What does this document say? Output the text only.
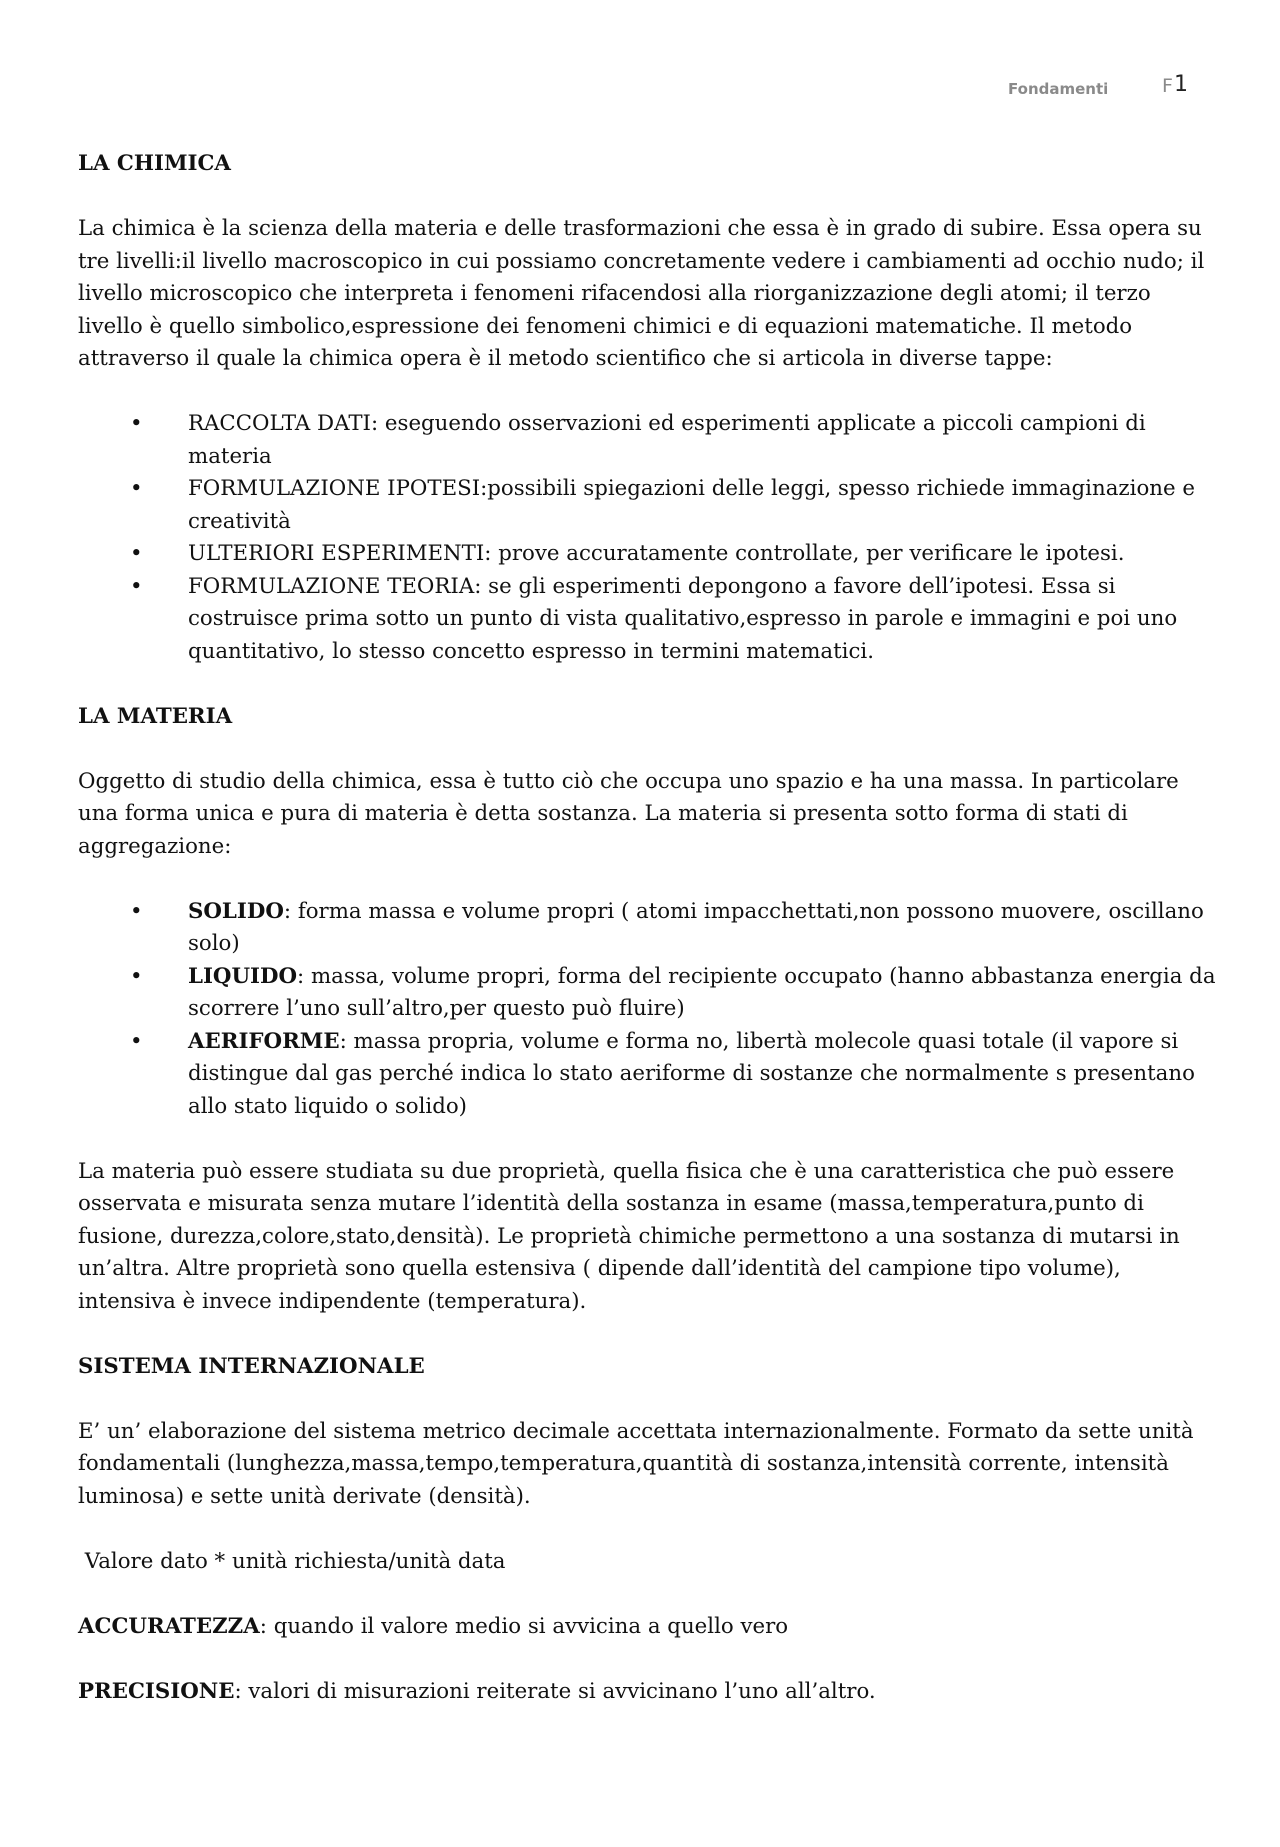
Fondamenti	F 1

LA CHIMICA

La chimica è la scienza della materia e delle trasformazioni che essa è in grado di subire. Essa opera su tre livelli:il livello macroscopico in cui possiamo concretamente vedere i cambiamenti ad occhio nudo; il livello microscopico che interpreta i fenomeni rifacendosi alla riorganizzazione degli atomi; il terzo livello è quello simbolico,espressione dei fenomeni chimici e di equazioni matematiche. Il metodo attraverso il quale la chimica opera è il metodo scientifico che si articola in diverse tappe:

• RACCOLTA DATI: eseguendo osservazioni ed esperimenti applicate a piccoli campioni di materia
• FORMULAZIONE IPOTESI:possibili spiegazioni delle leggi, spesso richiede immaginazione e creatività
• ULTERIORI ESPERIMENTI: prove accuratamente controllate, per verificare le ipotesi.
• FORMULAZIONE TEORIA: se gli esperimenti depongono a favore dell’ipotesi. Essa si costruisce prima sotto un punto di vista qualitativo,espresso in parole e immagini e poi uno quantitativo, lo stesso concetto espresso in termini matematici.

LA MATERIA

Oggetto di studio della chimica, essa è tutto ciò che occupa uno spazio e ha una massa. In particolare una forma unica e pura di materia è detta sostanza. La materia si presenta sotto forma di stati di aggregazione:

• SOLIDO: forma massa e volume propri ( atomi impacchettati,non possono muovere, oscillano solo)
• LIQUIDO: massa, volume propri, forma del recipiente occupato (hanno abbastanza energia da scorrere l’uno sull’altro,per questo può fluire)
• AERIFORME: massa propria, volume e forma no, libertà molecole quasi totale (il vapore si distingue dal gas perché indica lo stato aeriforme di sostanze che normalmente s presentano allo stato liquido o solido)

La materia può essere studiata su due proprietà, quella fisica che è una caratteristica che può essere osservata e misurata senza mutare l’identità della sostanza in esame (massa,temperatura,punto di fusione, durezza,colore,stato,densità). Le proprietà chimiche permettono a una sostanza di mutarsi in un’altra. Altre proprietà sono quella estensiva ( dipende dall’identità del campione tipo volume), intensiva è invece indipendente (temperatura).

SISTEMA INTERNAZIONALE

E’ un’ elaborazione del sistema metrico decimale accettata internazionalmente. Formato da sette unità fondamentali (lunghezza,massa,tempo,temperatura,quantità di sostanza,intensità corrente, intensità luminosa) e sette unità derivate (densità).

Valore dato * unità richiesta/unità data

ACCURATEZZA: quando il valore medio si avvicina a quello vero

PRECISIONE: valori di misurazioni reiterate si avvicinano l’uno all’altro.
